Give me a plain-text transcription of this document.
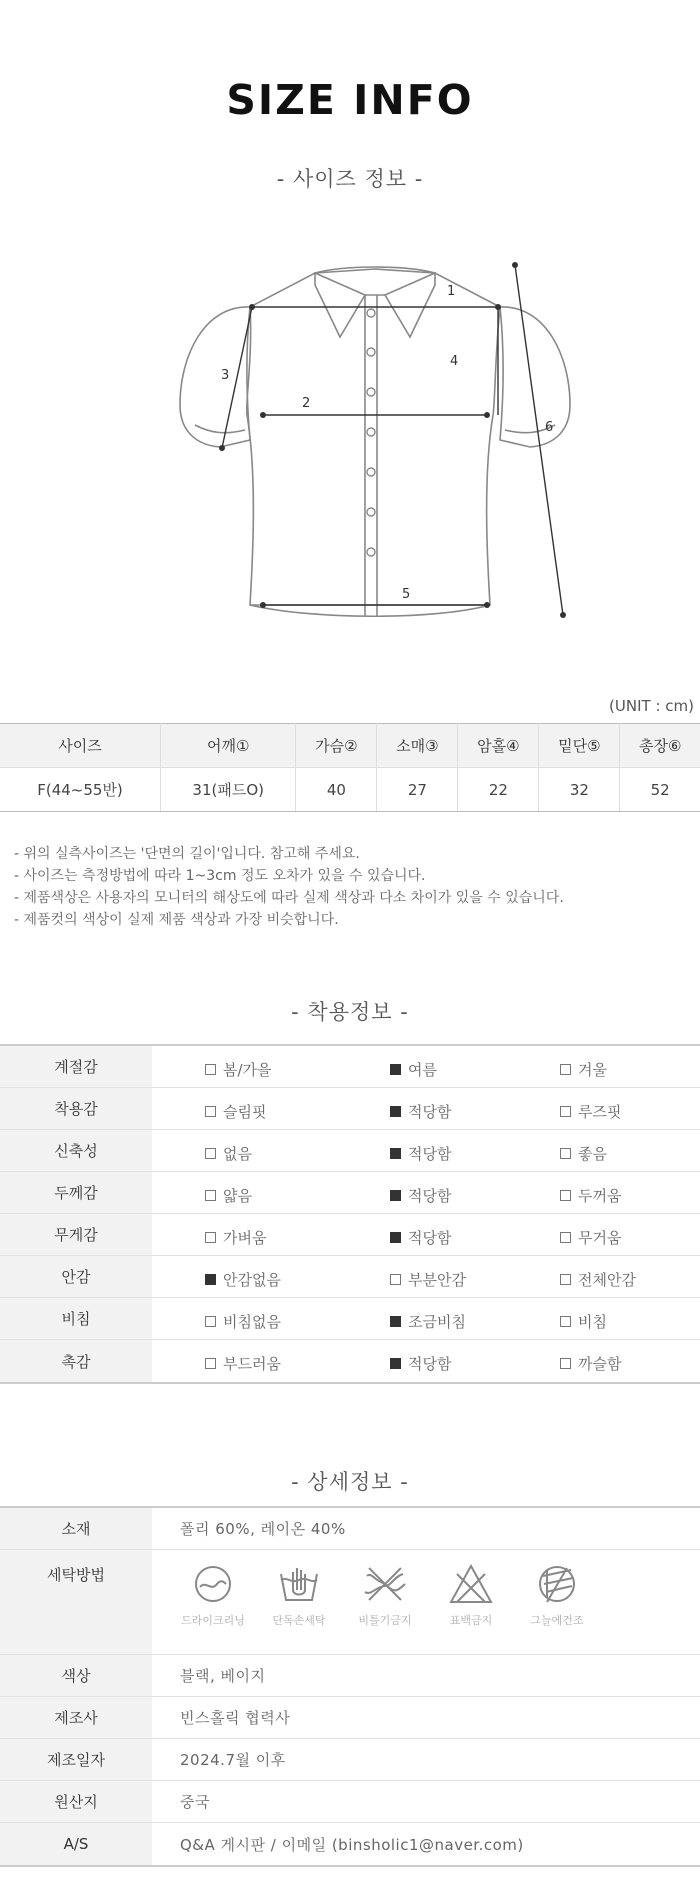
SIZE INFO
- 사이즈 정보 -
1
2
3
4
5
6
(UNIT : cm)
사이즈	어깨①	가슴②	소매③	암홀④	밑단⑤	총장⑥
F(44~55반)	31(패드O)	40	27	22	32	52
- 위의 실측사이즈는 '단면의 길이'입니다. 참고해 주세요.
- 사이즈는 측정방법에 따라 1~3cm 정도 오차가 있을 수 있습니다.
- 제품색상은 사용자의 모니터의 해상도에 따라 실제 색상과 다소 차이가 있을 수 있습니다.
- 제품컷의 색상이 실제 제품 색상과 가장 비슷합니다.
- 착용정보 -
계절감	봄/가을	여름	겨울
착용감	슬림핏	적당함	루즈핏
신축성	없음	적당함	좋음
두께감	얇음	적당함	두꺼움
무게감	가벼움	적당함	무거움
안감	안감없음	부분안감	전체안감
비침	비침없음	조금비침	비침
촉감	부드러움	적당함	까슬함
- 상세정보 -
소재	폴리 60%, 레이온 40%
세탁방법
드라이크리닝	단독손세탁	비틀기금지	표백금지	그늘에건조
색상	블랙, 베이지
제조사	빈스홀릭 협력사
제조일자	2024.7월 이후
원산지	중국
A/S	Q&A 게시판 / 이메일 (binsholic1@naver.com)
